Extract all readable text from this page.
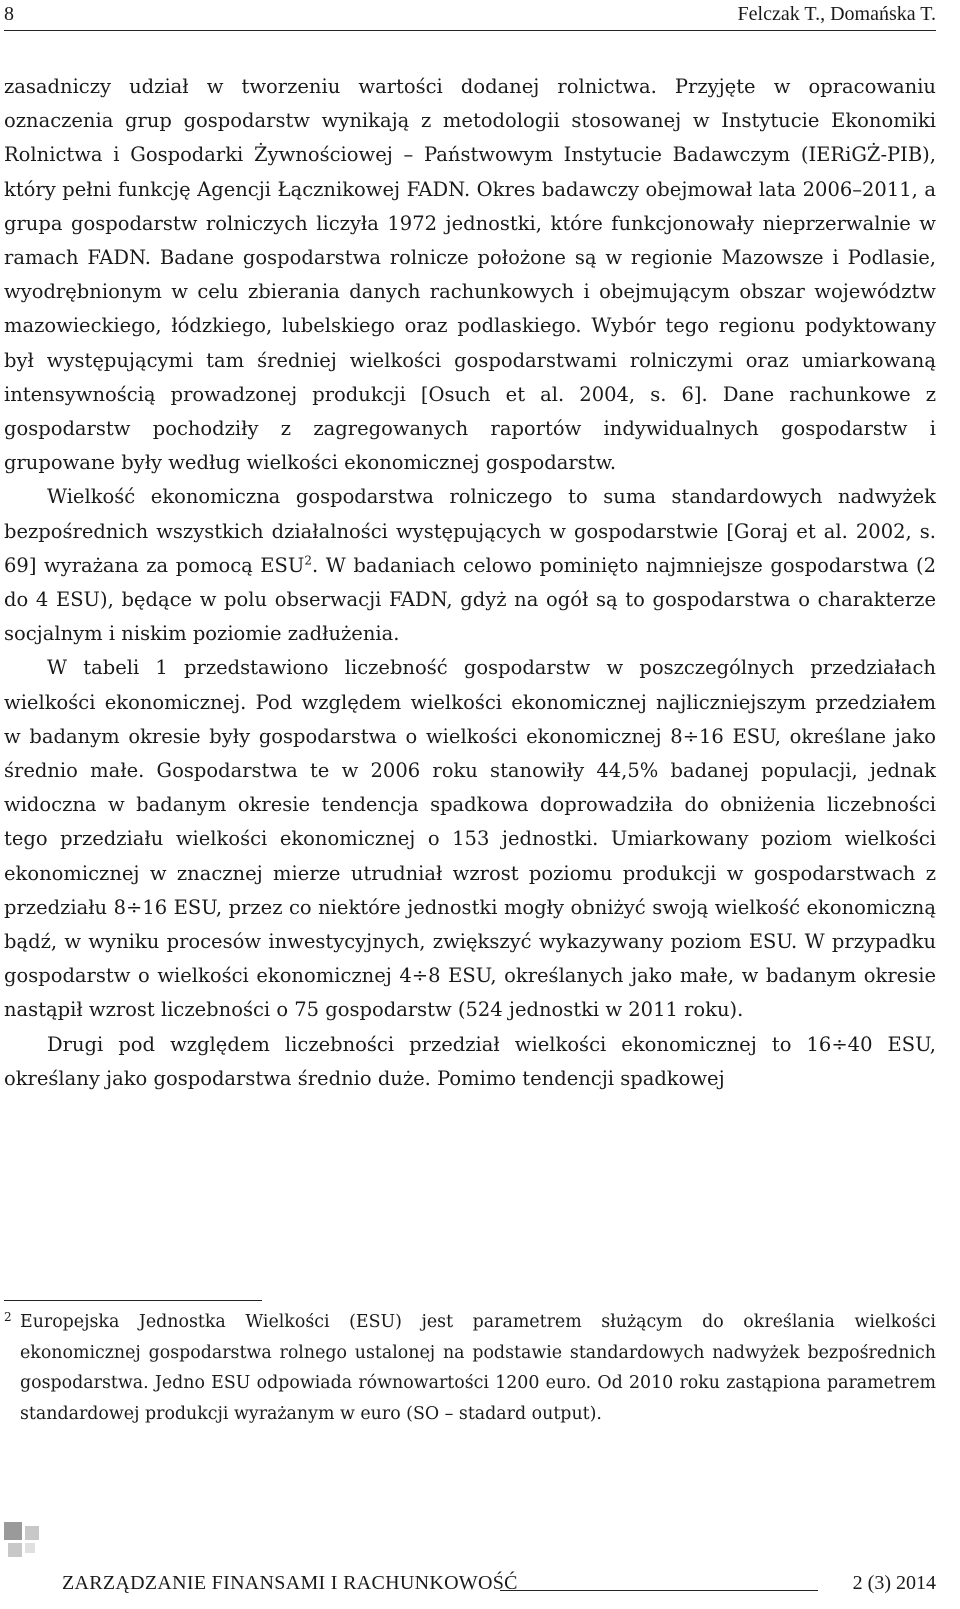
8	Felczak T., Domańska T.

zasadniczy udział w tworzeniu wartości dodanej rolnictwa. Przyjęte w opracowaniu oznaczenia grup gospodarstw wynikają z metodologii stosowanej w Instytucie Ekonomiki Rolnictwa i Gospodarki Żywnościowej – Państwowym Instytucie Badawczym (IERiGŻ-PIB), który pełni funkcję Agencji Łącznikowej FADN. Okres badawczy obejmował lata 2006–2011, a grupa gospodarstw rolniczych liczyła 1972 jednostki, które funkcjonowały nieprzerwalnie w ramach FADN. Badane gospodarstwa rolnicze położone są w regionie Mazowsze i Podlasie, wyodrębnionym w celu zbierania danych rachunkowych i obejmującym obszar województw mazowieckiego, łódzkiego, lubelskiego oraz podlaskiego. Wybór tego regionu podyktowany był występującymi tam średniej wielkości gospodarstwami rolniczymi oraz umiarkowaną intensywnością prowadzonej produkcji [Osuch et al. 2004, s. 6]. Dane rachunkowe z gospodarstw pochodziły z zagregowanych raportów indywidualnych gospodarstw i grupowane były według wielkości ekonomicznej gospodarstw.

Wielkość ekonomiczna gospodarstwa rolniczego to suma standardowych nadwyżek bezpośrednich wszystkich działalności występujących w gospodarstwie [Goraj et al. 2002, s. 69] wyrażana za pomocą ESU$^2$. W badaniach celowo pominięto najmniejsze gospodarstwa (2 do 4 ESU), będące w polu obserwacji FADN, gdyż na ogół są to gospodarstwa o charakterze socjalnym i niskim poziomie zadłużenia.

W tabeli 1 przedstawiono liczebność gospodarstw w poszczególnych przedziałach wielkości ekonomicznej. Pod względem wielkości ekonomicznej najliczniejszym przedziałem w badanym okresie były gospodarstwa o wielkości ekonomicznej 8÷16 ESU, określane jako średnio małe. Gospodarstwa te w 2006 roku stanowiły 44,5% badanej populacji, jednak widoczna w badanym okresie tendencja spadkowa doprowadziła do obniżenia liczebności tego przedziału wielkości ekonomicznej o 153 jednostki. Umiarkowany poziom wielkości ekonomicznej w znacznej mierze utrudniał wzrost poziomu produkcji w gospodarstwach z przedziału 8÷16 ESU, przez co niektóre jednostki mogły obniżyć swoją wielkość ekonomiczną bądź, w wyniku procesów inwestycyjnych, zwiększyć wykazywany poziom ESU. W przypadku gospodarstw o wielkości ekonomicznej 4÷8 ESU, określanych jako małe, w badanym okresie nastąpił wzrost liczebności o 75 gospodarstw (524 jednostki w 2011 roku).

Drugi pod względem liczebności przedział wielkości ekonomicznej to 16÷40 ESU, określany jako gospodarstwa średnio duże. Pomimo tendencji spadkowej

2 Europejska Jednostka Wielkości (ESU) jest parametrem służącym do określania wielkości ekonomicznej gospodarstwa rolnego ustalonej na podstawie standardowych nadwyżek bezpośrednich gospodarstwa. Jedno ESU odpowiada równowartości 1200 euro. Od 2010 roku zastąpiona parametrem standardowej produkcji wyrażanym w euro (SO – stadard output).
ZARZĄDZANIE FINANSAMI I RACHUNKOWOŚĆ	2 (3) 2014
